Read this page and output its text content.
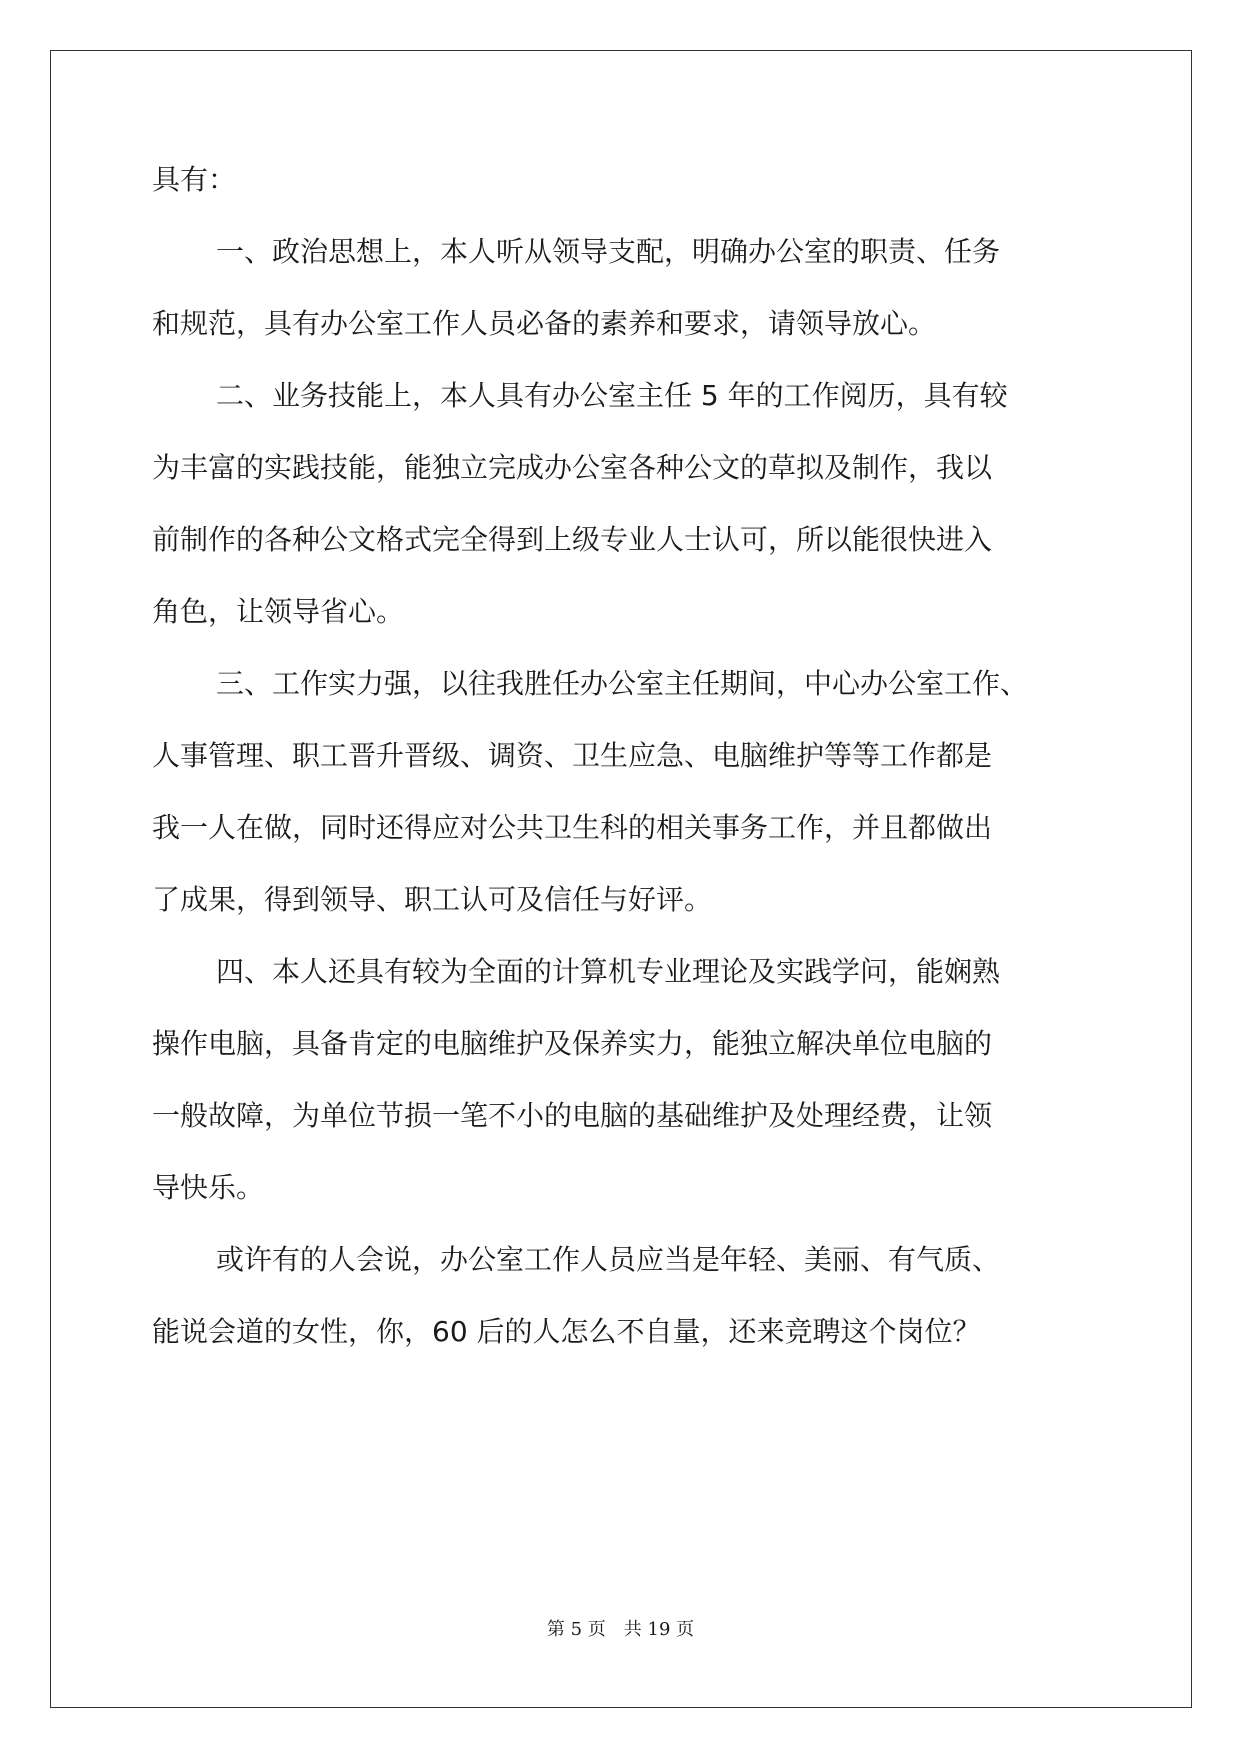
具有：
一、政治思想上，本人听从领导支配，明确办公室的职责、任务
和规范，具有办公室工作人员必备的素养和要求，请领导放心。
二、业务技能上，本人具有办公室主任 5 年的工作阅历，具有较
为丰富的实践技能，能独立完成办公室各种公文的草拟及制作，我以
前制作的各种公文格式完全得到上级专业人士认可，所以能很快进入
角色，让领导省心。
三、工作实力强，以往我胜任办公室主任期间，中心办公室工作、
人事管理、职工晋升晋级、调资、卫生应急、电脑维护等等工作都是
我一人在做，同时还得应对公共卫生科的相关事务工作，并且都做出
了成果，得到领导、职工认可及信任与好评。
四、本人还具有较为全面的计算机专业理论及实践学问，能娴熟
操作电脑，具备肯定的电脑维护及保养实力，能独立解决单位电脑的
一般故障，为单位节损一笔不小的电脑的基础维护及处理经费，让领
导快乐。
或许有的人会说，办公室工作人员应当是年轻、美丽、有气质、
能说会道的女性，你，60 后的人怎么不自量，还来竞聘这个岗位？
第 5 页 共 19 页
